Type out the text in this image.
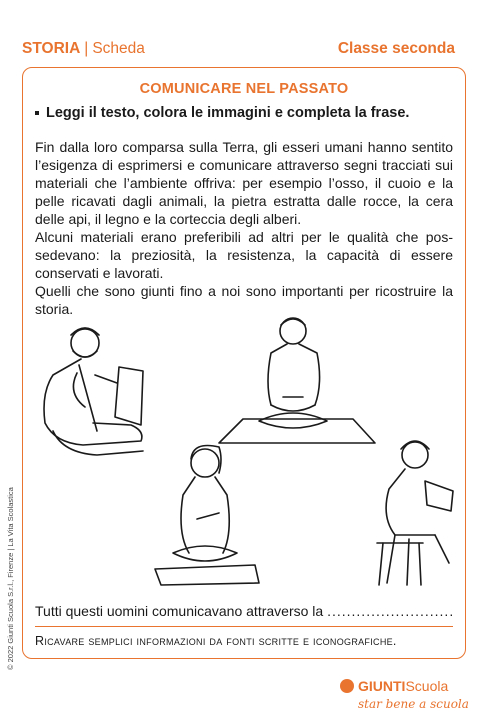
STORIA | Scheda	Classe seconda
COMUNICARE NEL PASSATO
Leggi il testo, colora le immagini e completa la frase.

Fin dalla loro comparsa sulla Terra, gli esseri umani hanno sentito l’esigenza di esprimersi e comunicare attraverso segni tracciati sui materiali che l’ambiente offriva: per esempio l’osso, il cuoio e la pelle ricavati dagli animali, la pietra estratta dalle rocce, la cera delle api, il legno e la corteccia degli alberi.

Alcuni materiali erano preferibili ad altri per le qualità che pos-sedevano: la preziosità, la resistenza, la capacità di essere conservati e lavorati.

Quelli che sono giunti fino a noi sono importanti per ricostruire la storia.

Tutti questi uomini comunicavano attraverso la ..........................
Ricavare semplici informazioni da fonti scritte e iconografiche.
© 2022 Giunti Scuola S.r.l., Firenze | La Vita Scolastica
GIUNTIScuola
star bene a scuola
